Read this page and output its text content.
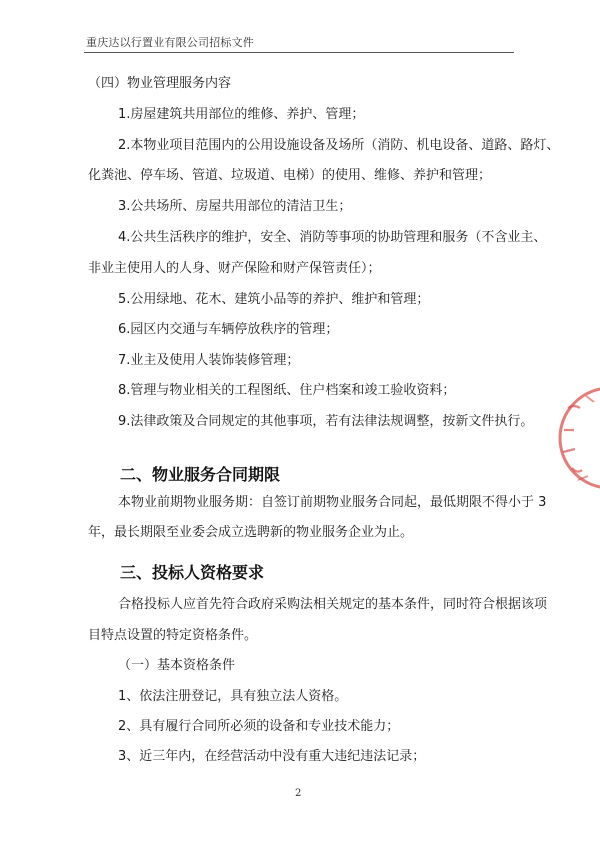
重庆达以行置业有限公司招标文件
（四）物业管理服务内容
1.房屋建筑共用部位的维修、养护、管理；
2.本物业项目范围内的公用设施设备及场所（消防、机电设备、道路、路灯、
化粪池、停车场、管道、垃圾道、电梯）的使用、维修、养护和管理；
3.公共场所、房屋共用部位的清洁卫生；
4.公共生活秩序的维护，安全、消防等事项的协助管理和服务（不含业主、
非业主使用人的人身、财产保险和财产保管责任）；
5.公用绿地、花木、建筑小品等的养护、维护和管理；
6.园区内交通与车辆停放秩序的管理；
7.业主及使用人装饰装修管理；
8.管理与物业相关的工程图纸、住户档案和竣工验收资料；
9.法律政策及合同规定的其他事项，若有法律法规调整，按新文件执行。
二、物业服务合同期限
本物业前期物业服务期：自签订前期物业服务合同起，最低期限不得小于 3
年，最长期限至业委会成立选聘新的物业服务企业为止。
三、投标人资格要求
合格投标人应首先符合政府采购法相关规定的基本条件，同时符合根据该项
目特点设置的特定资格条件。
（一）基本资格条件
1、依法注册登记，具有独立法人资格。
2、具有履行合同所必须的设备和专业技术能力；
3、近三年内，在经营活动中没有重大违纪违法记录；
2
